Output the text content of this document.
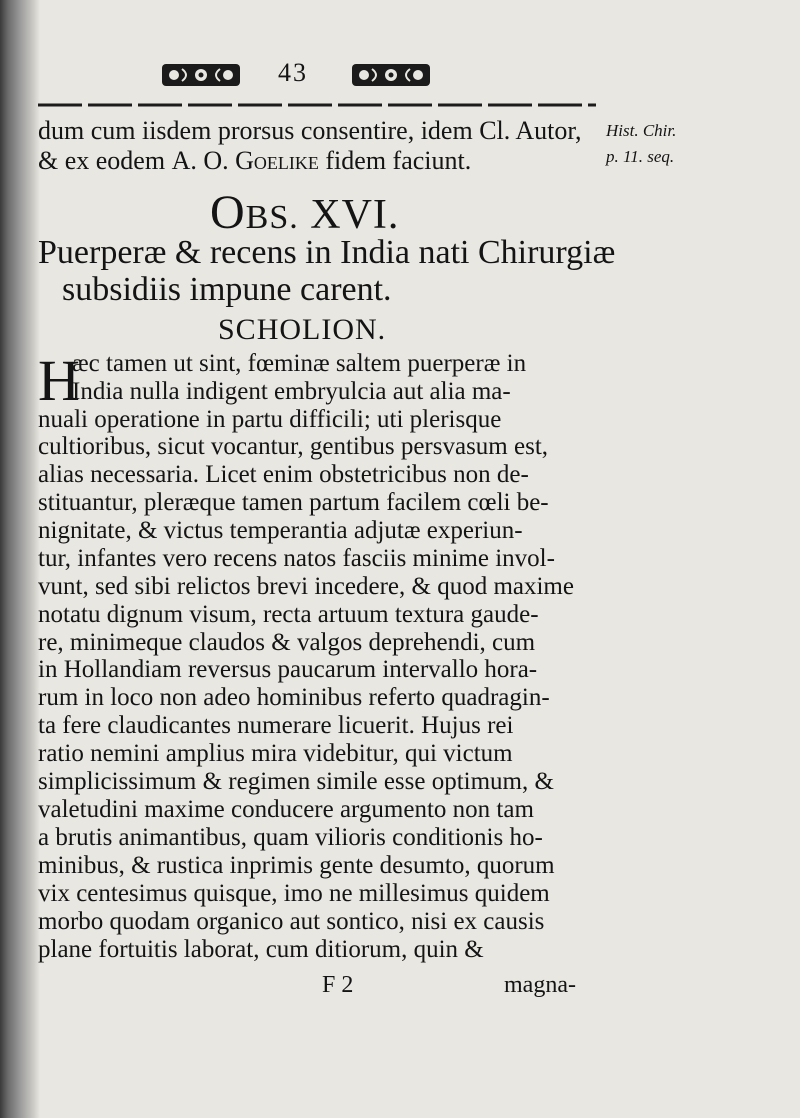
43
dum cum iisdem prorsus consentire, idem Cl. Autor,
& ex eodem A. O. Goelike fidem faciunt.
Hist. Chir.
p. 11. seq.
OBS. XVI.
Puerperæ & recens in India nati Chirurgiæ
subsidiis impune carent.
SCHOLION.
H
æc tamen ut sint, fœminæ saltem puerperæ in
India nulla indigent embryulcia aut alia ma-
nuali operatione in partu difficili; uti plerisque
cultioribus, sicut vocantur, gentibus persvasum est,
alias necessaria. Licet enim obstetricibus non de-
stituantur, pleræque tamen partum facilem cœli be-
nignitate, & victus temperantia adjutæ experiun-
tur, infantes vero recens natos fasciis minime invol-
vunt, sed sibi relictos brevi incedere, & quod maxime
notatu dignum visum, recta artuum textura gaude-
re, minimeque claudos & valgos deprehendi, cum
in Hollandiam reversus paucarum intervallo hora-
rum in loco non adeo hominibus referto quadragin-
ta fere claudicantes numerare licuerit. Hujus rei
ratio nemini amplius mira videbitur, qui victum
simplicissimum & regimen simile esse optimum, &
valetudini maxime conducere argumento non tam
a brutis animantibus, quam vilioris conditionis ho-
minibus, & rustica inprimis gente desumto, quorum
vix centesimus quisque, imo ne millesimus quidem
morbo quodam organico aut sontico, nisi ex causis
plane fortuitis laborat, cum ditiorum, quin &
F 2	magna-
